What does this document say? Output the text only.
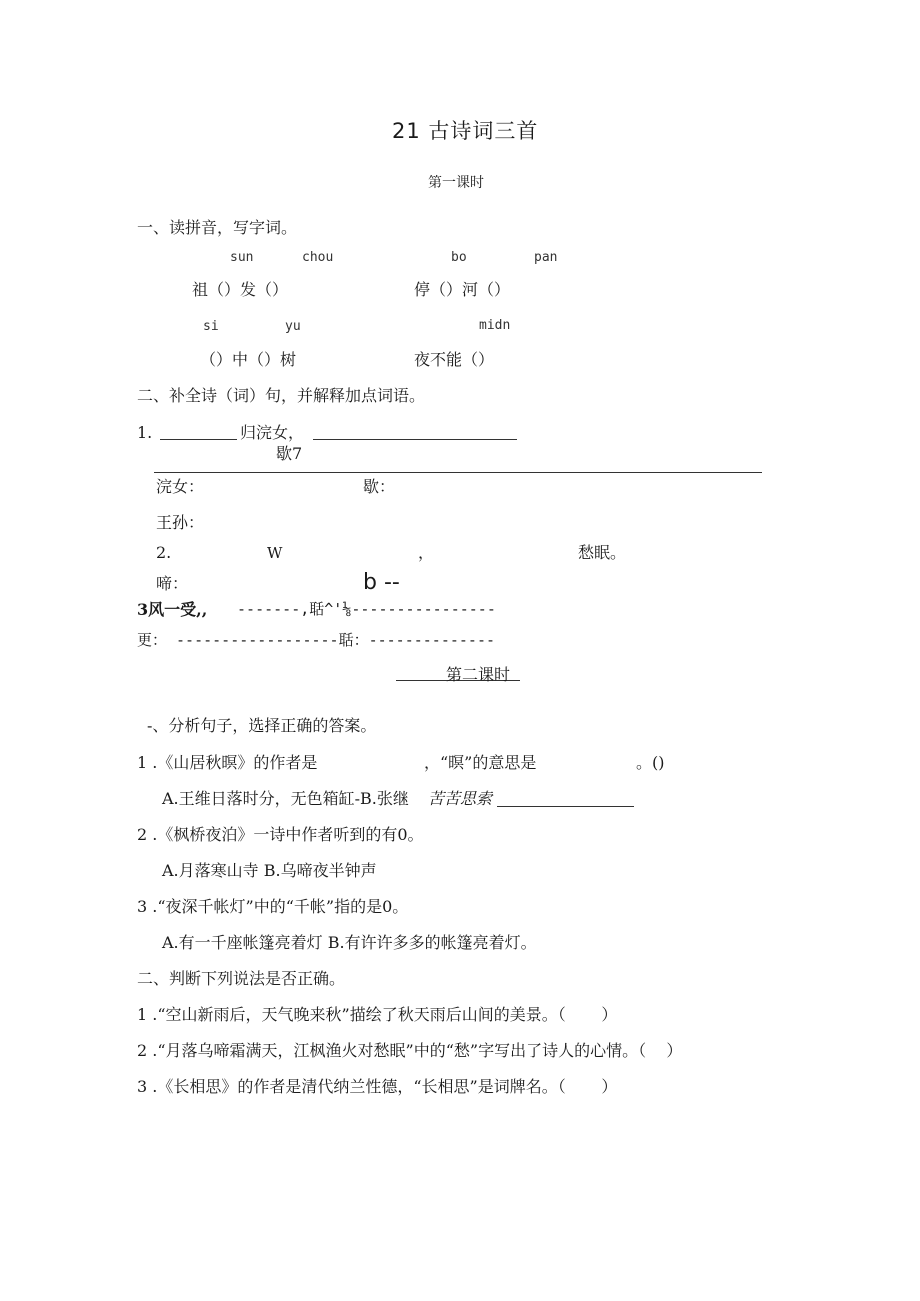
21 古诗词三首
第一课时
一、读拼音，写字词。
sun	chou	bo	pan
祖（）发（）	停（）河（）
si	yu	midn
（）中（）树	夜不能（）
二、补全诗（词）句，并解释加点词语。
1.	归浣女，
歇7
浣女：	歇：
王孙：
2.	W	，	愁眠。
啼：	b --
3风一受,, -------,聒^'⅛----------------
更： ------------------聒：--------------
第二课时
-、分析句子，选择正确的答案。
1 .《山居秋暝》的作者是	，“暝”的意思是	。()
A.王维日落时分，无色箱缸-B.张继 苦苦思索
2 .《枫桥夜泊》一诗中作者听到的有0。
A.月落寒山寺 B.乌啼夜半钟声
3 .“夜深千帐灯”中的“千帐”指的是0。
A.有一千座帐篷亮着灯 B.有许许多多的帐篷亮着灯。
二、判断下列说法是否正确。
1 .“空山新雨后，天气晚来秋”描绘了秋天雨后山间的美景。（       ）
2 .“月落乌啼霜满天，江枫渔火对愁眠”中的“愁”字写出了诗人的心情。（    ）
3 .《长相思》的作者是清代纳兰性德，“长相思”是词牌名。（       ）
